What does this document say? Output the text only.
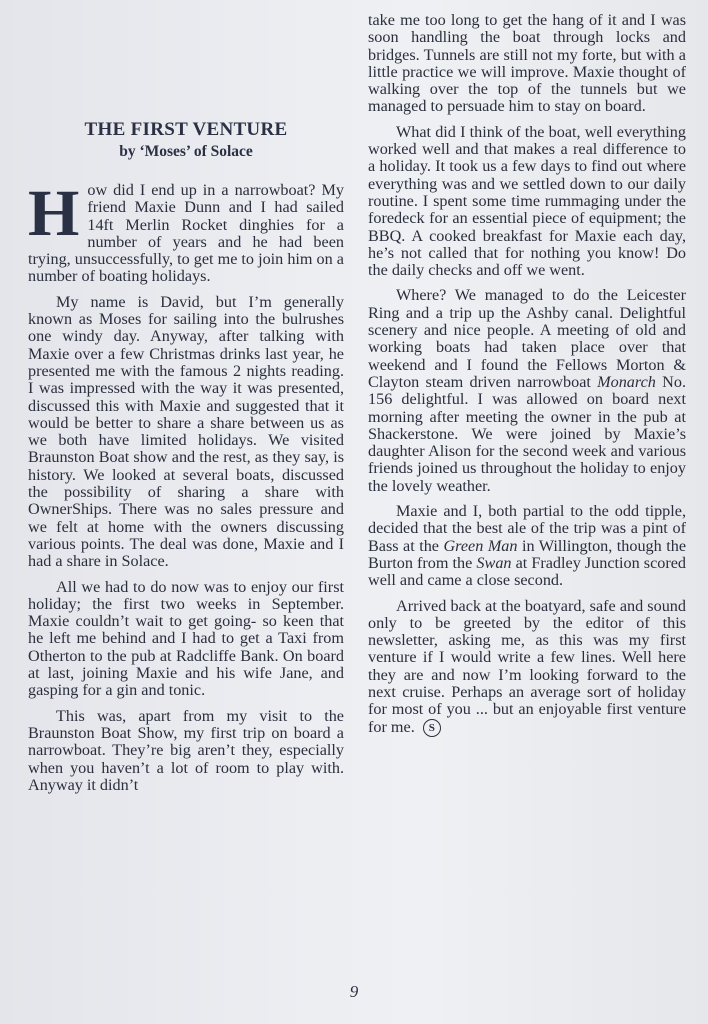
THE FIRST VENTURE
by ‘Moses’ of Solace

How did I end up in a narrowboat? My friend Maxie Dunn and I had sailed 14ft Merlin Rocket dinghies for a number of years and he had been trying, unsuccessfully, to get me to join him on a number of boating holidays.

My name is David, but I’m generally known as Moses for sailing into the bulrushes one windy day. Anyway, after talking with Maxie over a few Christmas drinks last year, he presented me with the famous 2 nights reading. I was impressed with the way it was presented, discussed this with Maxie and suggested that it would be better to share a share between us as we both have limited holidays. We visited Braunston Boat show and the rest, as they say, is history. We looked at several boats, discussed the possibility of sharing a share with OwnerShips. There was no sales pressure and we felt at home with the owners discussing various points. The deal was done, Maxie and I had a share in Solace.

All we had to do now was to enjoy our first holiday; the first two weeks in September. Maxie couldn’t wait to get going- so keen that he left me behind and I had to get a Taxi from Otherton to the pub at Radcliffe Bank. On board at last, joining Maxie and his wife Jane, and gasping for a gin and tonic.

This was, apart from my visit to the Braunston Boat Show, my first trip on board a narrowboat. They’re big aren’t they, especially when you haven’t a lot of room to play with. Anyway it didn’t

take me too long to get the hang of it and I was soon handling the boat through locks and bridges. Tunnels are still not my forte, but with a little practice we will improve. Maxie thought of walking over the top of the tunnels but we managed to persuade him to stay on board.

What did I think of the boat, well everything worked well and that makes a real difference to a holiday. It took us a few days to find out where everything was and we settled down to our daily routine. I spent some time rummaging under the foredeck for an essential piece of equipment; the BBQ. A cooked breakfast for Maxie each day, he’s not called that for nothing you know! Do the daily checks and off we went.

Where? We managed to do the Leicester Ring and a trip up the Ashby canal. Delightful scenery and nice people. A meeting of old and working boats had taken place over that weekend and I found the Fellows Morton & Clayton steam driven narrowboat Monarch No. 156 delightful. I was allowed on board next morning after meeting the owner in the pub at Shackerstone. We were joined by Maxie’s daughter Alison for the second week and various friends joined us throughout the holiday to enjoy the lovely weather.

Maxie and I, both partial to the odd tipple, decided that the best ale of the trip was a pint of Bass at the Green Man in Willington, though the Burton from the Swan at Fradley Junction scored well and came a close second.

Arrived back at the boatyard, safe and sound only to be greeted by the editor of this newsletter, asking me, as this was my first venture if I would write a few lines. Well here they are and now I’m looking forward to the next cruise. Perhaps an average sort of holiday for most of you ... but an enjoyable first venture for me. S

9
